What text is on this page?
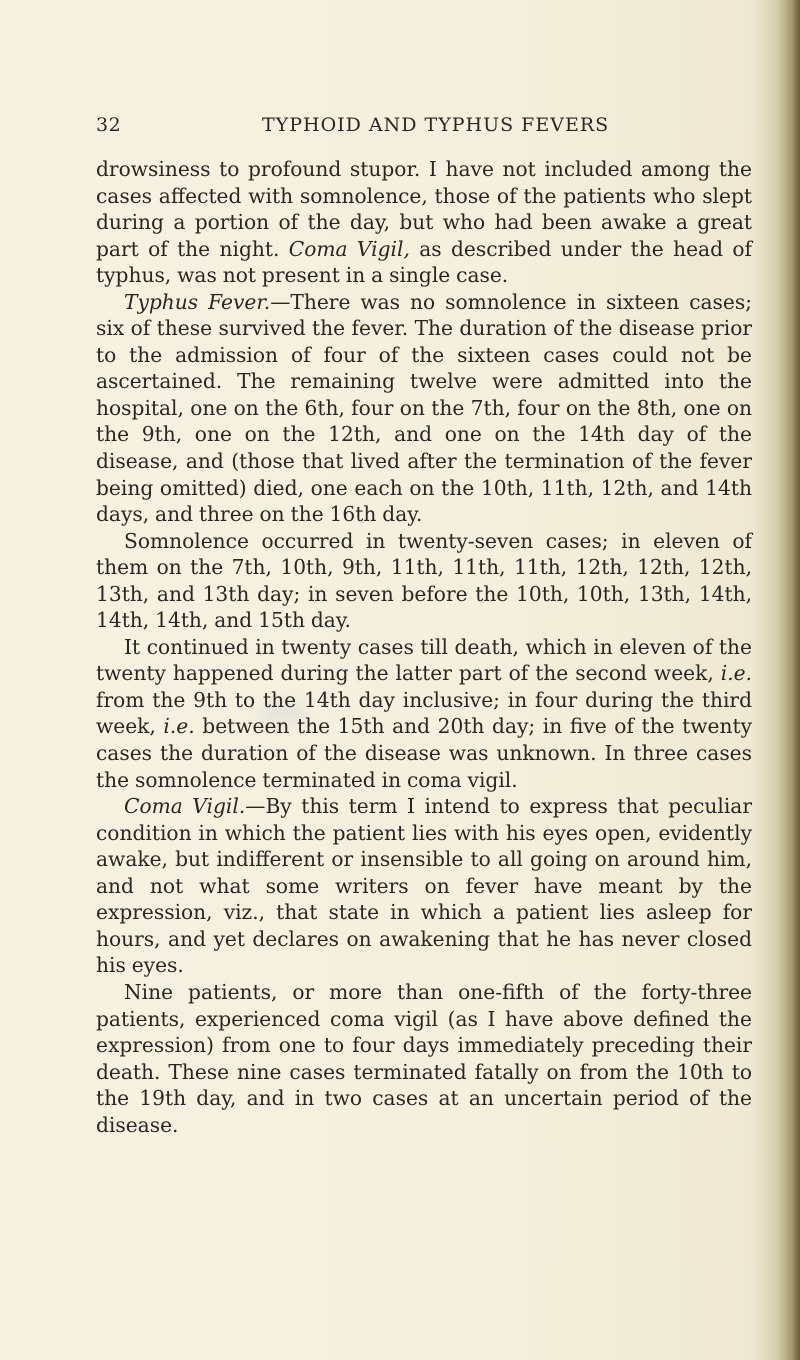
32	TYPHOID AND TYPHUS FEVERS

drowsiness to profound stupor. I have not included among the cases affected with somnolence, those of the patients who slept during a portion of the day, but who had been awake a great part of the night. Coma Vigil, as described under the head of typhus, was not present in a single case.

Typhus Fever.—There was no somnolence in sixteen cases; six of these survived the fever. The duration of the disease prior to the admission of four of the sixteen cases could not be ascertained. The remaining twelve were admitted into the hospital, one on the 6th, four on the 7th, four on the 8th, one on the 9th, one on the 12th, and one on the 14th day of the disease, and (those that lived after the termination of the fever being omitted) died, one each on the 10th, 11th, 12th, and 14th days, and three on the 16th day.

Somnolence occurred in twenty-seven cases; in eleven of them on the 7th, 10th, 9th, 11th, 11th, 11th, 12th, 12th, 12th, 13th, and 13th day; in seven before the 10th, 10th, 13th, 14th, 14th, 14th, and 15th day.

It continued in twenty cases till death, which in eleven of the twenty happened during the latter part of the second week, i.e. from the 9th to the 14th day inclusive; in four during the third week, i.e. between the 15th and 20th day; in five of the twenty cases the duration of the disease was unknown. In three cases the somnolence terminated in coma vigil.

Coma Vigil.—By this term I intend to express that peculiar condition in which the patient lies with his eyes open, evidently awake, but indifferent or insensible to all going on around him, and not what some writers on fever have meant by the expression, viz., that state in which a patient lies asleep for hours, and yet declares on awakening that he has never closed his eyes.

Nine patients, or more than one-fifth of the forty-three patients, experienced coma vigil (as I have above defined the expression) from one to four days immediately preceding their death. These nine cases terminated fatally on from the 10th to the 19th day, and in two cases at an uncertain period of the disease.
